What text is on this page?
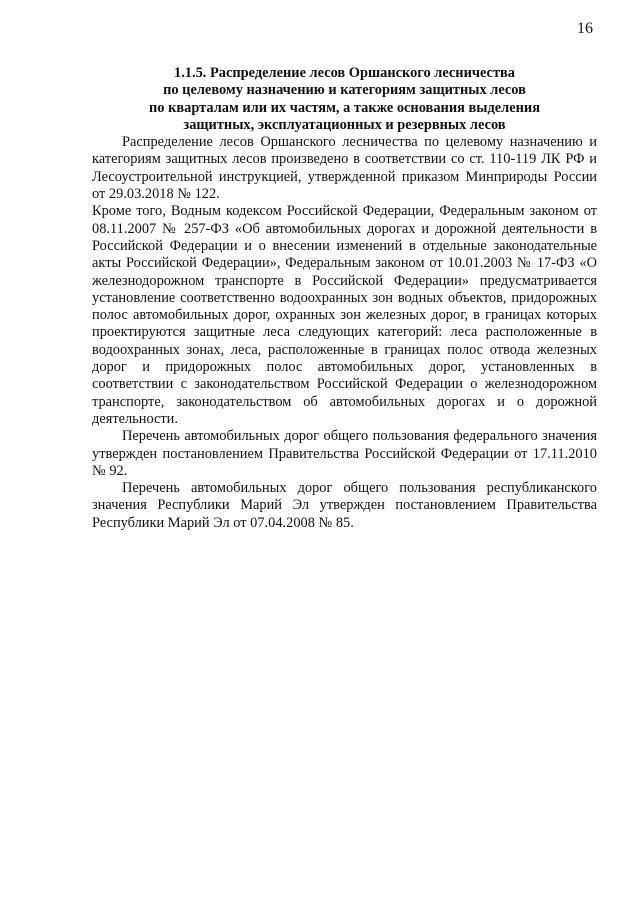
16
1.1.5. Распределение лесов Оршанского лесничества
по целевому назначению и категориям защитных лесов
по кварталам или их частям, а также основания выделения
защитных, эксплуатационных и резервных лесов

Распределение лесов Оршанского лесничества по целевому назначению и категориям защитных лесов произведено в соответствии со ст. 110-119 ЛК РФ и Лесоустроительной инструкцией, утвержденной приказом Минприроды России от 29.03.2018 № 122.

Кроме того, Водным кодексом Российской Федерации, Федеральным законом от 08.11.2007 № 257-ФЗ «Об автомобильных дорогах и дорожной деятельности в Российской Федерации и о внесении изменений в отдельные законодательные акты Российской Федерации», Федеральным законом от 10.01.2003 № 17-ФЗ «О железнодорожном транспорте в Российской Федерации» предусматривается установление соответственно водоохранных зон водных объектов, придорожных полос автомобильных дорог, охранных зон железных дорог, в границах которых проектируются защитные леса следующих категорий: леса расположенные в водоохранных зонах, леса, расположенные в границах полос отвода железных дорог и придорожных полос автомобильных дорог, установленных в соответствии с законодательством Российской Федерации о железнодорожном транспорте, законодательством об автомобильных дорогах и о дорожной деятельности.

Перечень автомобильных дорог общего пользования федерального значения утвержден постановлением Правительства Российской Федерации от 17.11.2010 № 92.

Перечень автомобильных дорог общего пользования республиканского значения Республики Марий Эл утвержден постановлением Правительства Республики Марий Эл от 07.04.2008 № 85.
